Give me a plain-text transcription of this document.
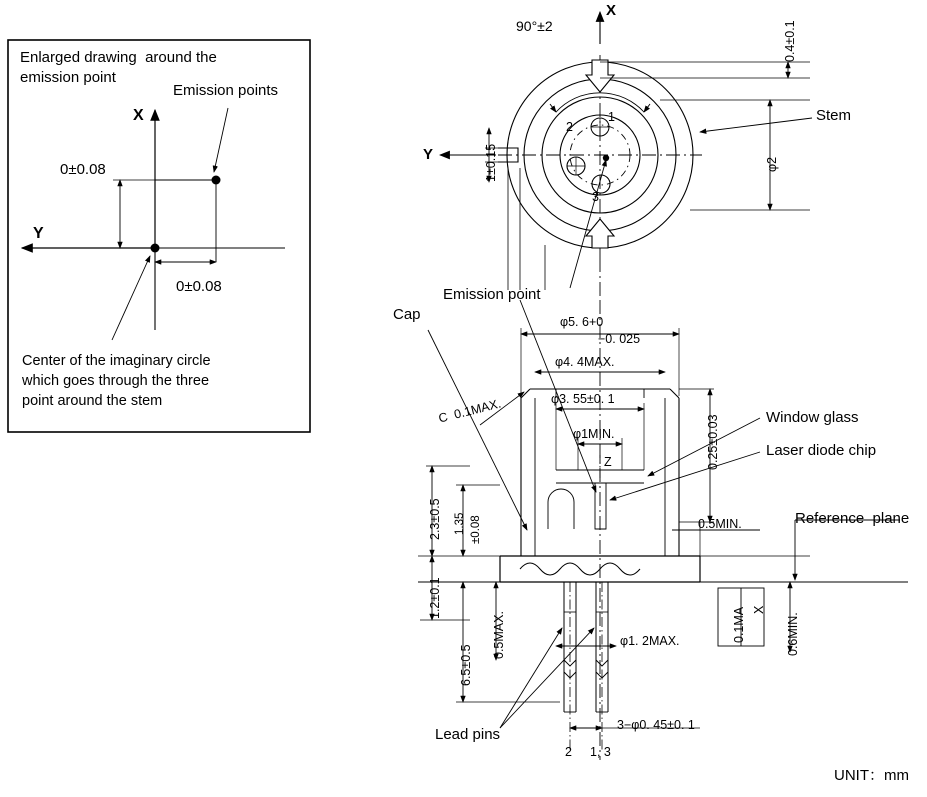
Enlarged drawing  around the
emission point
Emission points
X
Y
0±0.08
0±0.08
Center of the imaginary circle
which goes through the three
point around the stem
X
Y
90°±2
1
2
3
1±0.15
0.4±0.1
φ2
Stem
Emission point
Cap	φ5. 6+0
−0. 025
φ4. 4MAX.
φ3. 55±0. 1
φ1MIN.
Z
C  0.1MAX.
0.25±0.03
0.5MIN.
Window glass
Laser diode chip
Reference  plane
2.3±0.5 1.35 ±0.08
1.2±0.1
6.5±0.5
0.5MAX.	φ1. 2MAX.	0.1MA X
0.6MIN.
3−φ0. 45±0. 1
Lead pins
2 1, 3
UNIT：mm
